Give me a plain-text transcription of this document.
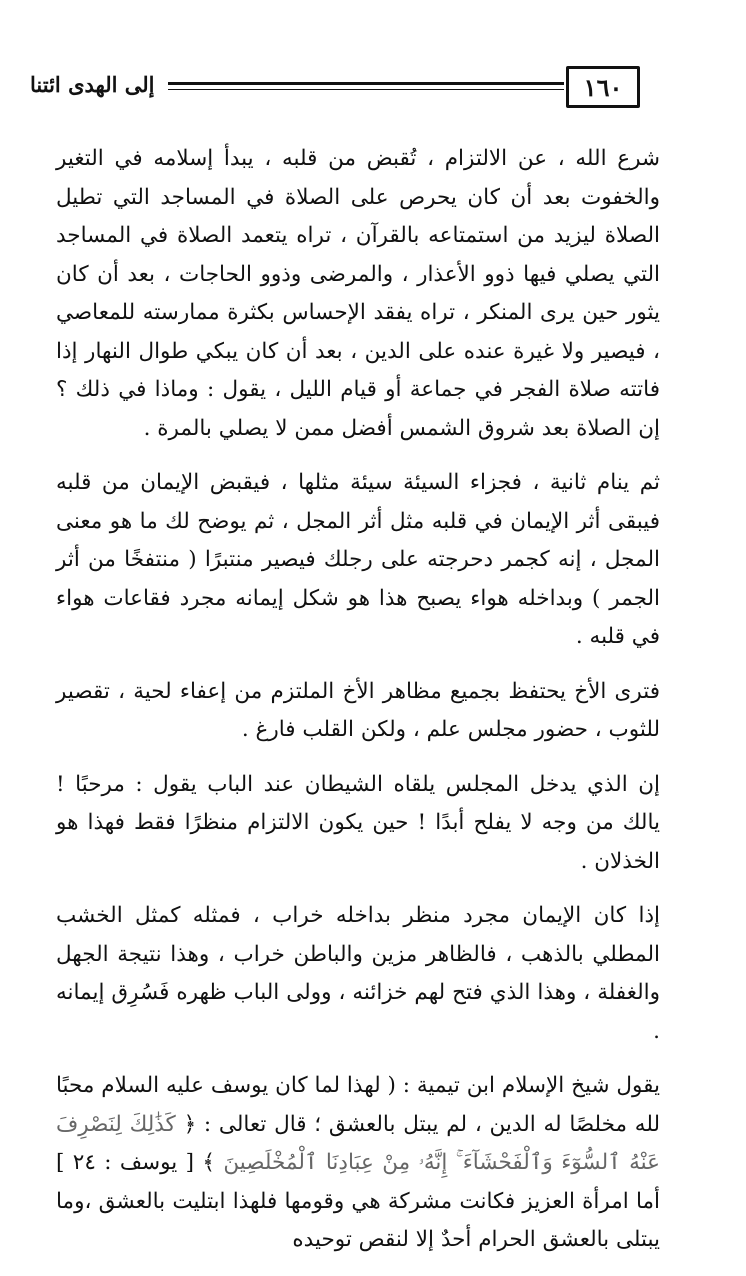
إلى الهدى ائتنا	١٦٠

شرع الله ، عن الالتزام ، تُقبض من قلبه ، يبدأ إسلامه في التغير والخفوت بعد أن كان يحرص على الصلاة في المساجد التي تطيل الصلاة ليزيد من استمتاعه بالقرآن ، تراه يتعمد الصلاة في المساجد التي يصلي فيها ذوو الأعذار ، والمرضى وذوو الحاجات ، بعد أن كان يثور حين يرى المنكر ، تراه يفقد الإحساس بكثرة ممارسته للمعاصي ، فيصير ولا غيرة عنده على الدين ، بعد أن كان يبكي طوال النهار إذا فاتته صلاة الفجر في جماعة أو قيام الليل ، يقول : وماذا في ذلك ؟ إن الصلاة بعد شروق الشمس أفضل ممن لا يصلي بالمرة .

ثم ينام ثانية ، فجزاء السيئة سيئة مثلها ، فيقبض الإيمان من قلبه فيبقى أثر الإيمان في قلبه مثل أثر المجل ، ثم يوضح لك ما هو معنى المجل ، إنه كجمر دحرجته على رجلك فيصير منتبرًا ( منتفخًا من أثر الجمر ) وبداخله هواء يصبح هذا هو شكل إيمانه مجرد فقاعات هواء في قلبه .

فترى الأخ يحتفظ بجميع مظاهر الأخ الملتزم من إعفاء لحية ، تقصير للثوب ، حضور مجلس علم ، ولكن القلب فارغ .

إن الذي يدخل المجلس يلقاه الشيطان عند الباب يقول : مرحبًا ! يالك من وجه لا يفلح أبدًا ! حين يكون الالتزام منظرًا فقط فهذا هو الخذلان .

إذا كان الإيمان مجرد منظر بداخله خراب ، فمثله كمثل الخشب المطلي بالذهب ، فالظاهر مزين والباطن خراب ، وهذا نتيجة الجهل والغفلة ، وهذا الذي فتح لهم خزائنه ، وولى الباب ظهره فَسُرِق إيمانه .

يقول شيخ الإسلام ابن تيمية : ( لهذا لما كان يوسف عليه السلام محبًا لله مخلصًا له الدين ، لم يبتل بالعشق ؛ قال تعالى : ﴿ كَذَٰلِكَ لِنَصْرِفَ عَنْهُ ٱلسُّوٓءَ وَٱلْفَحْشَآءَ ۚ إِنَّهُۥ مِنْ عِبَادِنَا ٱلْمُخْلَصِينَ ﴾ [ يوسف : ٢٤ ] أما امرأة العزيز فكانت مشركة هي وقومها فلهذا ابتليت بالعشق ،وما يبتلى بالعشق الحرام أحدٌ إلا لنقص توحيده
